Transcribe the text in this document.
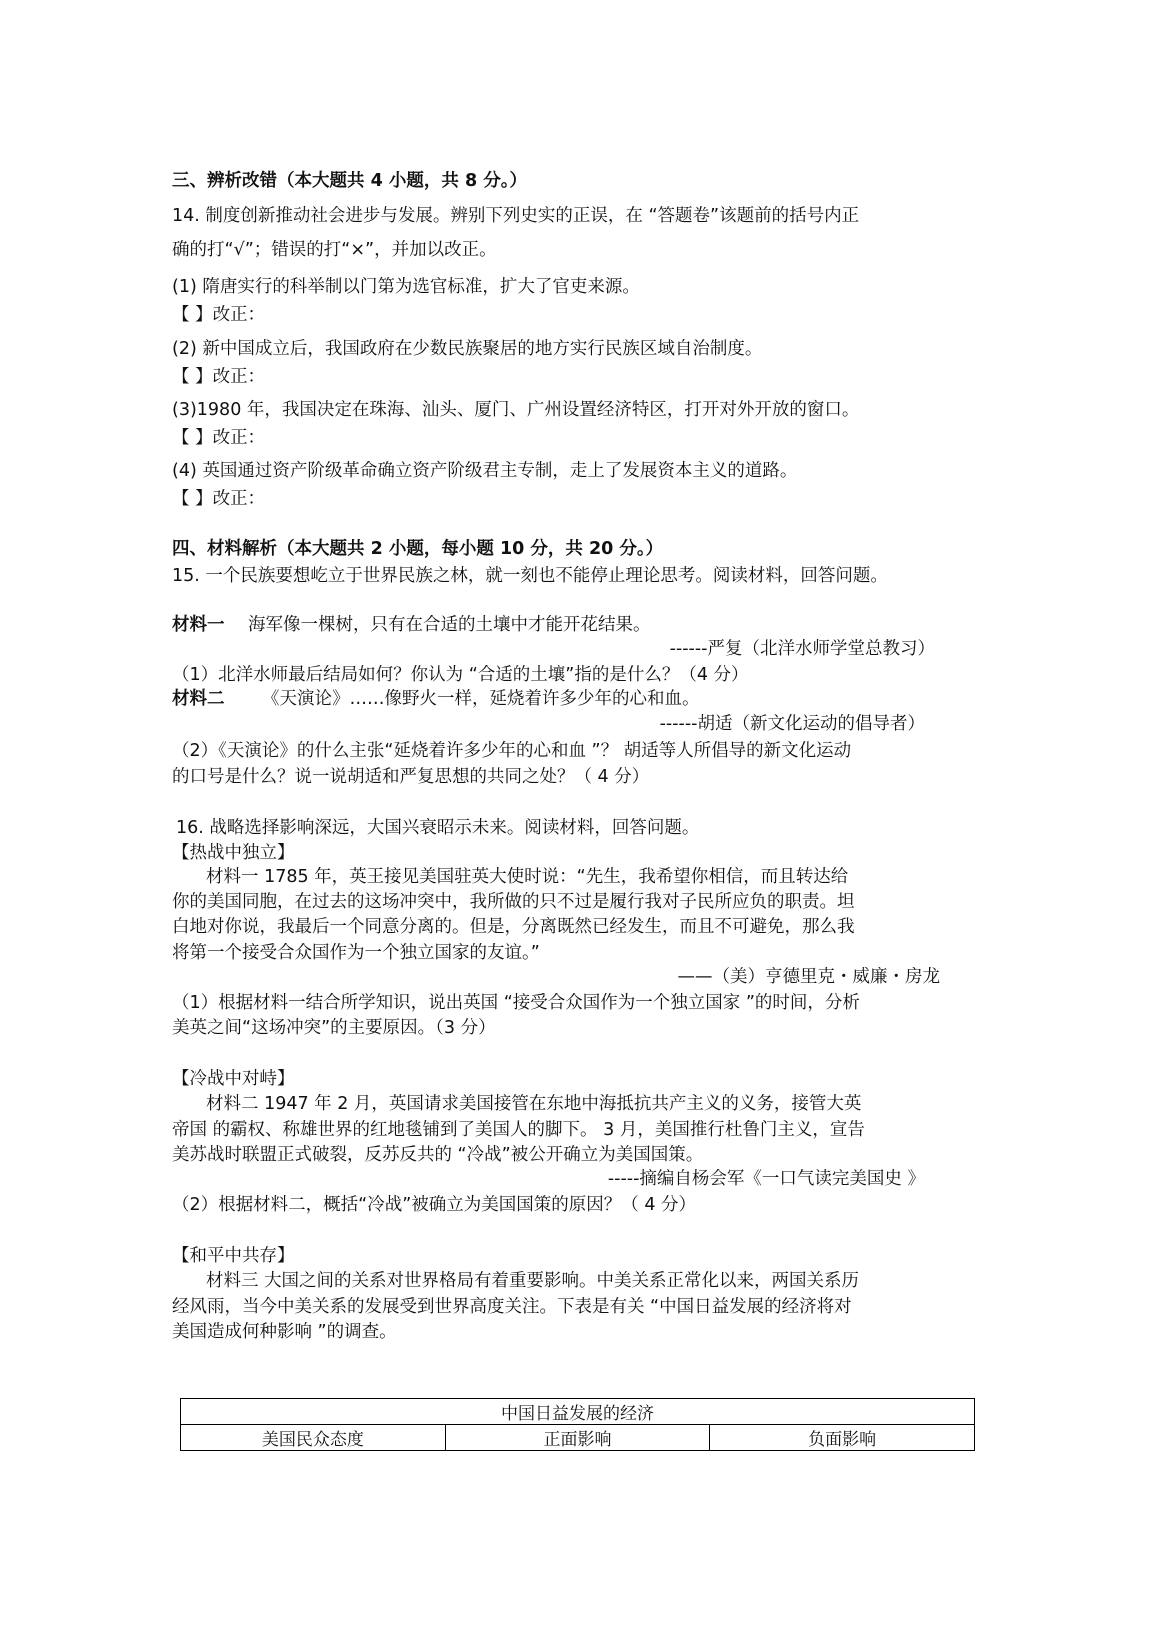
三、辨析改错（本大题共 4 小题，共 8 分。）
14. 制度创新推动社会进步与发展。辨别下列史实的正误，在 “答题卷”该题前的括号内正
确的打“√”；错误的打“×”，并加以改正。
(1) 隋唐实行的科举制以门第为选官标准，扩大了官吏来源。
【 】改正：
(2) 新中国成立后，我国政府在少数民族聚居的地方实行民族区域自治制度。
【 】改正：
(3)1980 年，我国决定在珠海、汕头、厦门、广州设置经济特区，打开对外开放的窗口。
【 】改正：
(4) 英国通过资产阶级革命确立资产阶级君主专制，走上了发展资本主义的道路。
【 】改正：
四、材料解析（本大题共 2 小题，每小题 10 分，共 20 分。）
15. 一个民族要想屹立于世界民族之林，就一刻也不能停止理论思考。阅读材料，回答问题。
材料一 海军像一棵树，只有在合适的土壤中才能开花结果。
------严复（北洋水师学堂总教习）
（1）北洋水师最后结局如何？你认为 “合适的土壤”指的是什么？（4 分）
材料二 《天演论》……像野火一样，延烧着许多少年的心和血。
------胡适（新文化运动的倡导者）
（2）《天演论》的什么主张“延烧着许多少年的心和血 ”？ 胡适等人所倡导的新文化运动
的口号是什么？说一说胡适和严复思想的共同之处？（ 4 分）
16. 战略选择影响深远，大国兴衰昭示未来。阅读材料，回答问题。
【热战中独立】
材料一 1785 年，英王接见美国驻英大使时说：“先生，我希望你相信，而且转达给
你的美国同胞，在过去的这场冲突中，我所做的只不过是履行我对子民所应负的职责。坦
白地对你说，我最后一个同意分离的。但是，分离既然已经发生，而且不可避免，那么我
将第一个接受合众国作为一个独立国家的友谊。”
——（美）亨德里克・威廉・房龙
（1）根据材料一结合所学知识，说出英国 “接受合众国作为一个独立国家 ”的时间，分析
美英之间“这场冲突”的主要原因。（3 分）
【冷战中对峙】
材料二 1947 年 2 月，英国请求美国接管在东地中海抵抗共产主义的义务，接管大英
帝国 的霸权、称雄世界的红地毯铺到了美国人的脚下。 3 月，美国推行杜鲁门主义，宣告
美苏战时联盟正式破裂，反苏反共的 “冷战”被公开确立为美国国策。
-----摘编自杨会军《一口气读完美国史 》
（2）根据材料二，概括“冷战”被确立为美国国策的原因？（ 4 分）
【和平中共存】
材料三 大国之间的关系对世界格局有着重要影响。中美关系正常化以来，两国关系历
经风雨，当今中美关系的发展受到世界高度关注。下表是有关 “中国日益发展的经济将对
美国造成何种影响 ”的调查。
中国日益发展的经济
美国民众态度	正面影响	负面影响
